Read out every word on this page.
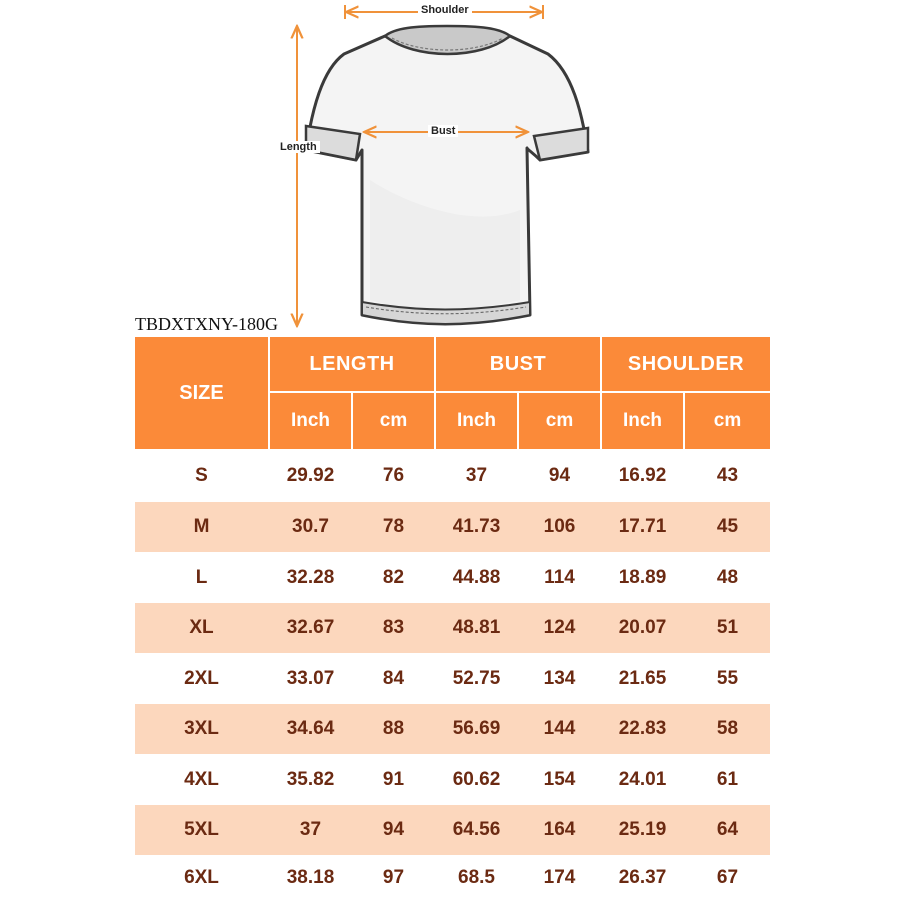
Shoulder
Bust
Length
TBDXTXNY-180G
SIZE
LENGTH	BUST	SHOULDER
Inch	cm	Inch	cm	Inch	cm
S	29.92	76	37	94	16.92	43
M	30.7	78	41.73	106	17.71	45
L	32.28	82	44.88	114	18.89	48
XL	32.67	83	48.81	124	20.07	51
2XL	33.07	84	52.75	134	21.65	55
3XL	34.64	88	56.69	144	22.83	58
4XL	35.82	91	60.62	154	24.01	61
5XL	37	94	64.56	164	25.19	64
6XL	38.18	97	68.5	174	26.37	67
